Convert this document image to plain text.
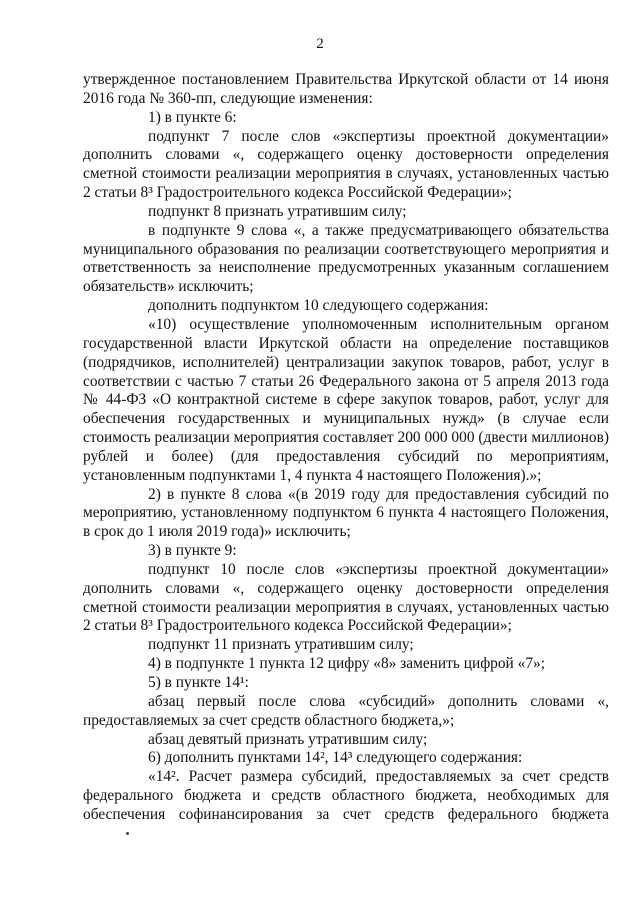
2

утвержденное постановлением Правительства Иркутской области от 14 июня 2016 года № 360-пп, следующие изменения:

1) в пункте 6:

подпункт 7 после слов «экспертизы проектной документации» дополнить словами «, содержащего оценку достоверности определения сметной стоимости реализации мероприятия в случаях, установленных частью 2 статьи 8³ Градостроительного кодекса Российской Федерации»;

подпункт 8 признать утратившим силу;

в подпункте 9 слова «, а также предусматривающего обязательства муниципального образования по реализации соответствующего мероприятия и ответственность за неисполнение предусмотренных указанным соглашением обязательств» исключить;

дополнить подпунктом 10 следующего содержания:

«10) осуществление уполномоченным исполнительным органом государственной власти Иркутской области на определение поставщиков (подрядчиков, исполнителей) централизации закупок товаров, работ, услуг в соответствии с частью 7 статьи 26 Федерального закона от 5 апреля 2013 года № 44-ФЗ «О контрактной системе в сфере закупок товаров, работ, услуг для обеспечения государственных и муниципальных нужд» (в случае если стоимость реализации мероприятия составляет 200 000 000 (двести миллионов) рублей и более) (для предоставления субсидий по мероприятиям, установленным подпунктами 1, 4 пункта 4 настоящего Положения).»;

2) в пункте 8 слова «(в 2019 году для предоставления субсидий по мероприятию, установленному подпунктом 6 пункта 4 настоящего Положения, в срок до 1 июля 2019 года)» исключить;

3) в пункте 9:

подпункт 10 после слов «экспертизы проектной документации» дополнить словами «, содержащего оценку достоверности определения сметной стоимости реализации мероприятия в случаях, установленных частью 2 статьи 8³ Градостроительного кодекса Российской Федерации»;

подпункт 11 признать утратившим силу;

4) в подпункте 1 пункта 12 цифру «8» заменить цифрой «7»;

5) в пункте 14¹:

абзац первый после слова «субсидий» дополнить словами «, предоставляемых за счет средств областного бюджета,»;

абзац девятый признать утратившим силу;

6) дополнить пунктами 14², 14³ следующего содержания:

«14². Расчет размера субсидий, предоставляемых за счет средств федерального бюджета и средств областного бюджета, необходимых для обеспечения софинансирования за счет средств федерального бюджета
